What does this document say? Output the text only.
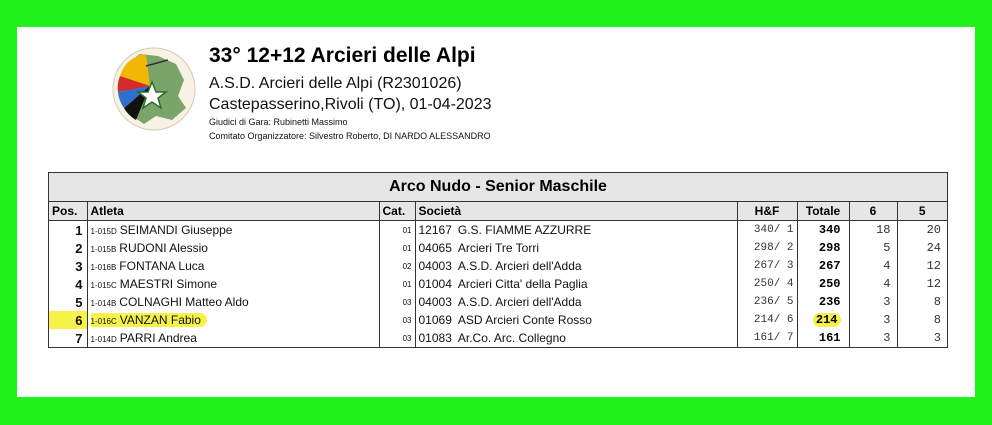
33° 12+12 Arcieri delle Alpi
A.S.D. Arcieri delle Alpi (R2301026)
Castepasserino,Rivoli (TO), 01-04-2023
Giudici di Gara: Rubinetti Massimo
Comitato Organizzatore: Silvestro Roberto, DI NARDO ALESSANDRO
Arco Nudo - Senior Maschile
Pos.	Atleta	Cat.	Società	H&F	Totale	6	5
1	1-015D SEIMANDI Giuseppe	01	12167 G.S. FIAMME AZZURRE	340/ 1	340	18	20
2	1-015B RUDONI Alessio	01	04065 Arcieri Tre Torri	298/ 2	298	5	24
3	1-016B FONTANA Luca	02	04003 A.S.D. Arcieri dell'Adda	267/ 3	267	4	12
4	1-015C MAESTRI Simone	01	01004 Arcieri Citta' della Paglia	250/ 4	250	4	12
5	1-014B COLNAGHI Matteo Aldo	03	04003 A.S.D. Arcieri dell'Adda	236/ 5	236	3	8
6	1-016C VANZAN Fabio	03	01069 ASD Arcieri Conte Rosso	214/ 6	214	3	8
7	1-014D PARRI Andrea	03	01083 Ar.Co. Arc. Collegno	161/ 7	161	3	3
